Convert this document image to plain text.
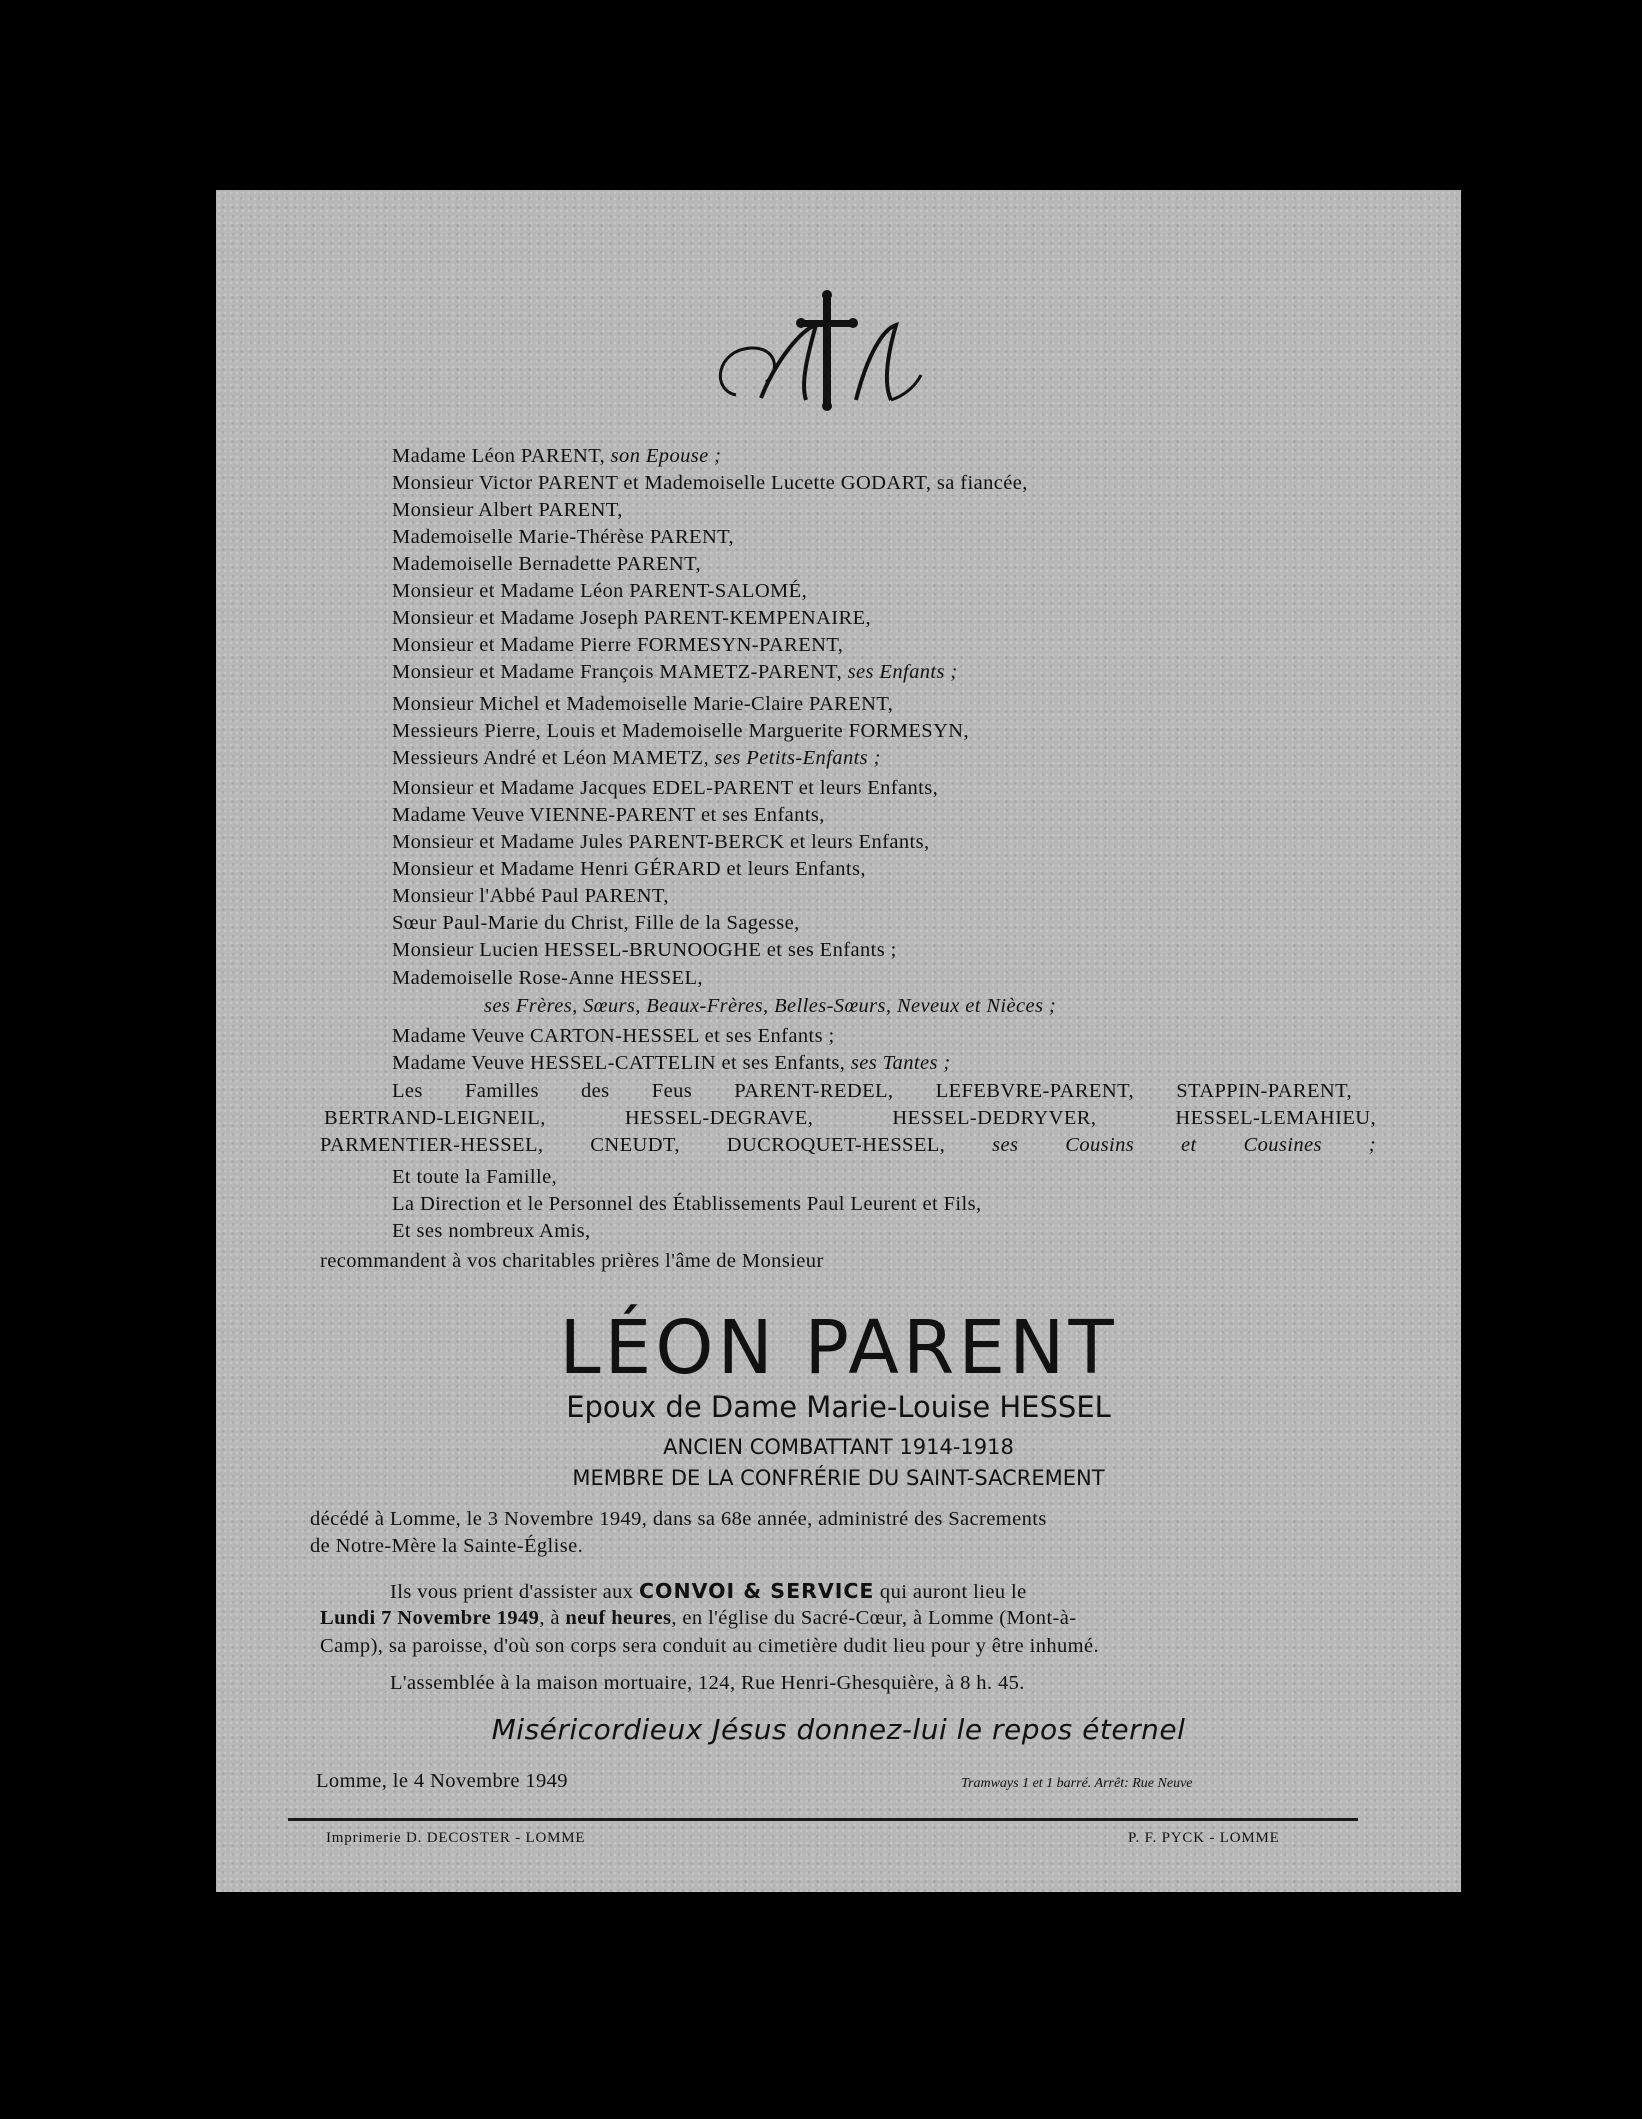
Madame Léon PARENT, son Epouse ;
Monsieur Victor PARENT et Mademoiselle Lucette GODART, sa fiancée,
Monsieur Albert PARENT,
Mademoiselle Marie-Thérèse PARENT,
Mademoiselle Bernadette PARENT,
Monsieur et Madame Léon PARENT-SALOMÉ,
Monsieur et Madame Joseph PARENT-KEMPENAIRE,
Monsieur et Madame Pierre FORMESYN-PARENT,
Monsieur et Madame François MAMETZ-PARENT, ses Enfants ;
Monsieur Michel et Mademoiselle Marie-Claire PARENT,
Messieurs Pierre, Louis et Mademoiselle Marguerite FORMESYN,
Messieurs André et Léon MAMETZ, ses Petits-Enfants ;
Monsieur et Madame Jacques EDEL-PARENT et leurs Enfants,
Madame Veuve VIENNE-PARENT et ses Enfants,
Monsieur et Madame Jules PARENT-BERCK et leurs Enfants,
Monsieur et Madame Henri GÉRARD et leurs Enfants,
Monsieur l'Abbé Paul PARENT,
Sœur Paul-Marie du Christ, Fille de la Sagesse,
Monsieur Lucien HESSEL-BRUNOOGHE et ses Enfants ;
Mademoiselle Rose-Anne HESSEL,
ses Frères, Sœurs, Beaux-Frères, Belles-Sœurs, Neveux et Nièces ;
Madame Veuve CARTON-HESSEL et ses Enfants ;
Madame Veuve HESSEL-CATTELIN et ses Enfants, ses Tantes ;
Les Familles des Feus PARENT-REDEL, LEFEBVRE-PARENT, STAPPIN-PARENT,
BERTRAND-LEIGNEIL, HESSEL-DEGRAVE, HESSEL-DEDRYVER, HESSEL-LEMAHIEU,
PARMENTIER-HESSEL, CNEUDT, DUCROQUET-HESSEL, ses Cousins et Cousines ;
Et toute la Famille,
La Direction et le Personnel des Établissements Paul Leurent et Fils,
Et ses nombreux Amis,
recommandent à vos charitables prières l'âme de Monsieur
LÉON PARENT
Epoux de Dame Marie-Louise HESSEL
ANCIEN COMBATTANT 1914-1918
MEMBRE DE LA CONFRÉRIE DU SAINT-SACREMENT
décédé à Lomme, le 3 Novembre 1949, dans sa 68e année, administré des Sacrements
de Notre-Mère la Sainte-Église.
Ils vous prient d'assister aux CONVOI & SERVICE qui auront lieu le
Lundi 7 Novembre 1949, à neuf heures, en l'église du Sacré-Cœur, à Lomme (Mont-à-
Camp), sa paroisse, d'où son corps sera conduit au cimetière dudit lieu pour y être inhumé.
L'assemblée à la maison mortuaire, 124, Rue Henri-Ghesquière, à 8 h. 45.
Miséricordieux Jésus donnez-lui le repos éternel
Lomme, le 4 Novembre 1949	Tramways 1 et 1 barré. Arrêt: Rue Neuve
Imprimerie D. DECOSTER - LOMME	P. F. PYCK - LOMME
